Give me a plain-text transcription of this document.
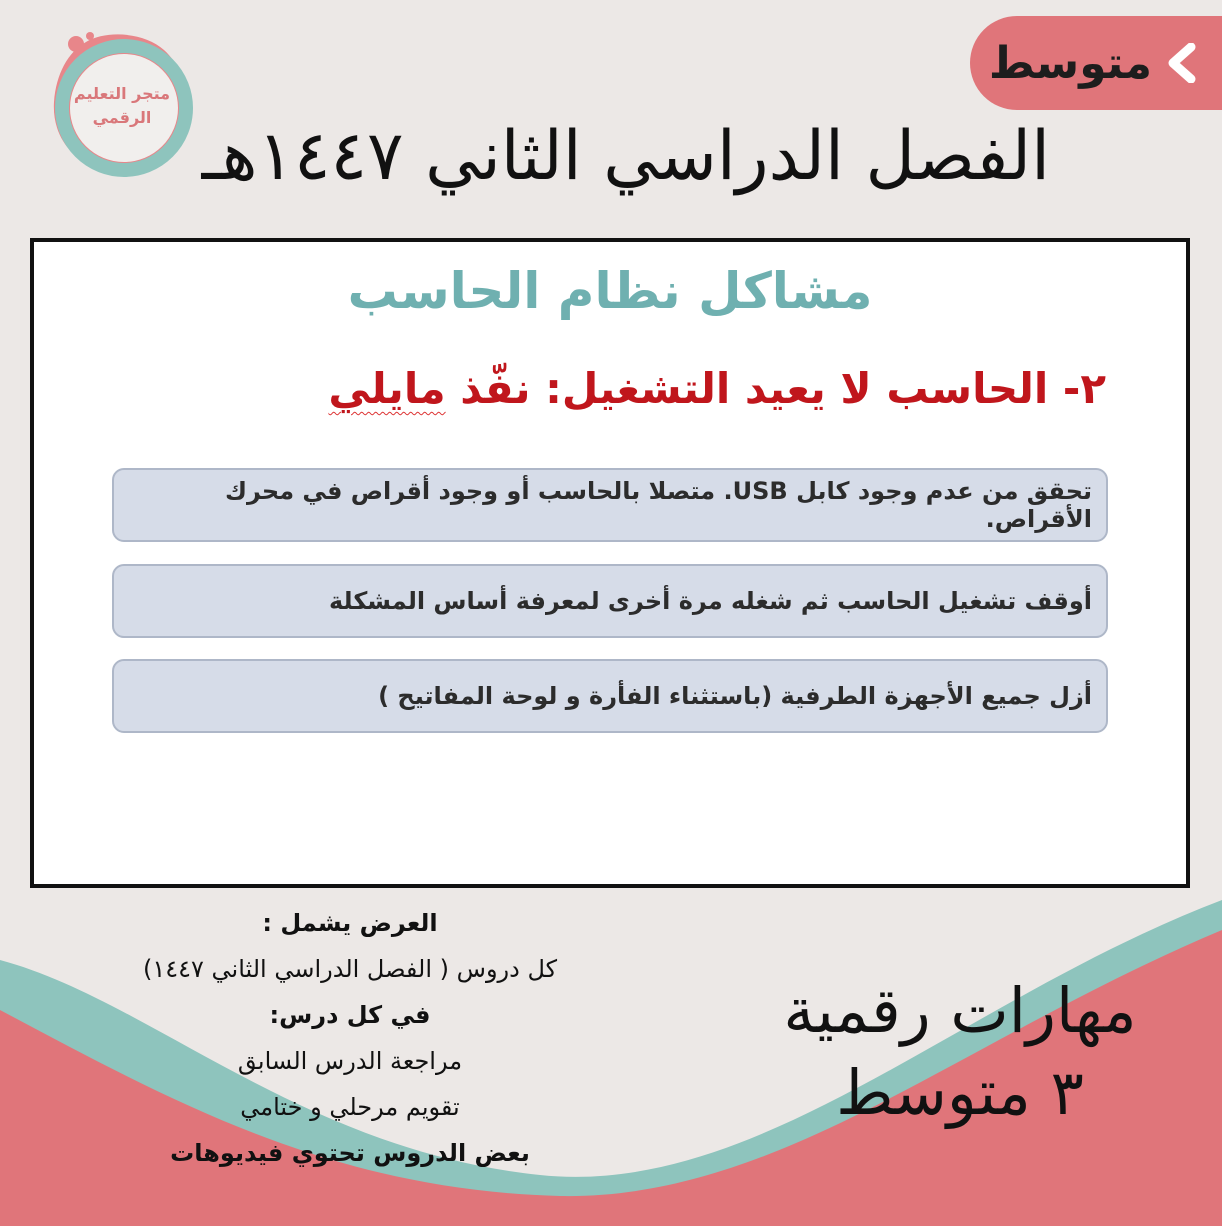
متجر التعليم
الرقمي
متوسط
الفصل الدراسي الثاني ١٤٤٧هـ
مشاكل نظام الحاسب
٢- الحاسب لا يعيد التشغيل: نفّذ مايلي
تحقق من عدم وجود كابل USB. متصلا بالحاسب أو وجود أقراص في محرك الأقراص.
أوقف تشغيل الحاسب ثم شغله مرة أخرى لمعرفة أساس المشكلة
أزل جميع الأجهزة الطرفية (باستثناء الفأرة و لوحة المفاتيح )
العرض يشمل :
كل دروس ( الفصل الدراسي الثاني ١٤٤٧)
في كل درس:
مراجعة الدرس السابق
تقويم مرحلي و ختامي
بعض الدروس تحتوي فيديوهات
مهارات رقمية
٣ متوسط
